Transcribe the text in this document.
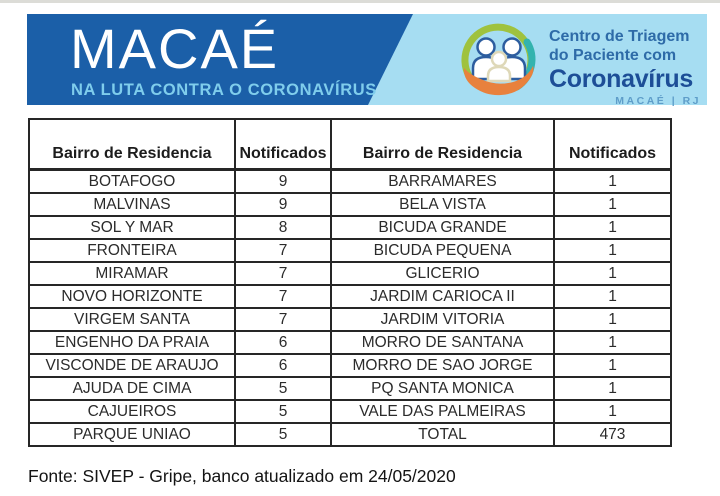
MACAÉ
NA LUTA CONTRA O CORONAVÍRUS
Centro de Triagem
do Paciente com
Coronavírus
MACAÉ | RJ
Bairro de Residencia	Notificados	Bairro de Residencia	Notificados
BOTAFOGO	9	BARRAMARES	1
MALVINAS	9	BELA VISTA	1
SOL Y MAR	8	BICUDA GRANDE	1
FRONTEIRA	7	BICUDA PEQUENA	1
MIRAMAR	7	GLICERIO	1
NOVO HORIZONTE	7	JARDIM CARIOCA II	1
VIRGEM SANTA	7	JARDIM VITORIA	1
ENGENHO DA PRAIA	6	MORRO DE SANTANA	1
VISCONDE DE ARAUJO	6	MORRO DE SAO JORGE	1
AJUDA DE CIMA	5	PQ SANTA MONICA	1
CAJUEIROS	5	VALE DAS PALMEIRAS	1
PARQUE UNIAO	5	TOTAL	473
Fonte: SIVEP - Gripe, banco atualizado em 24/05/2020
